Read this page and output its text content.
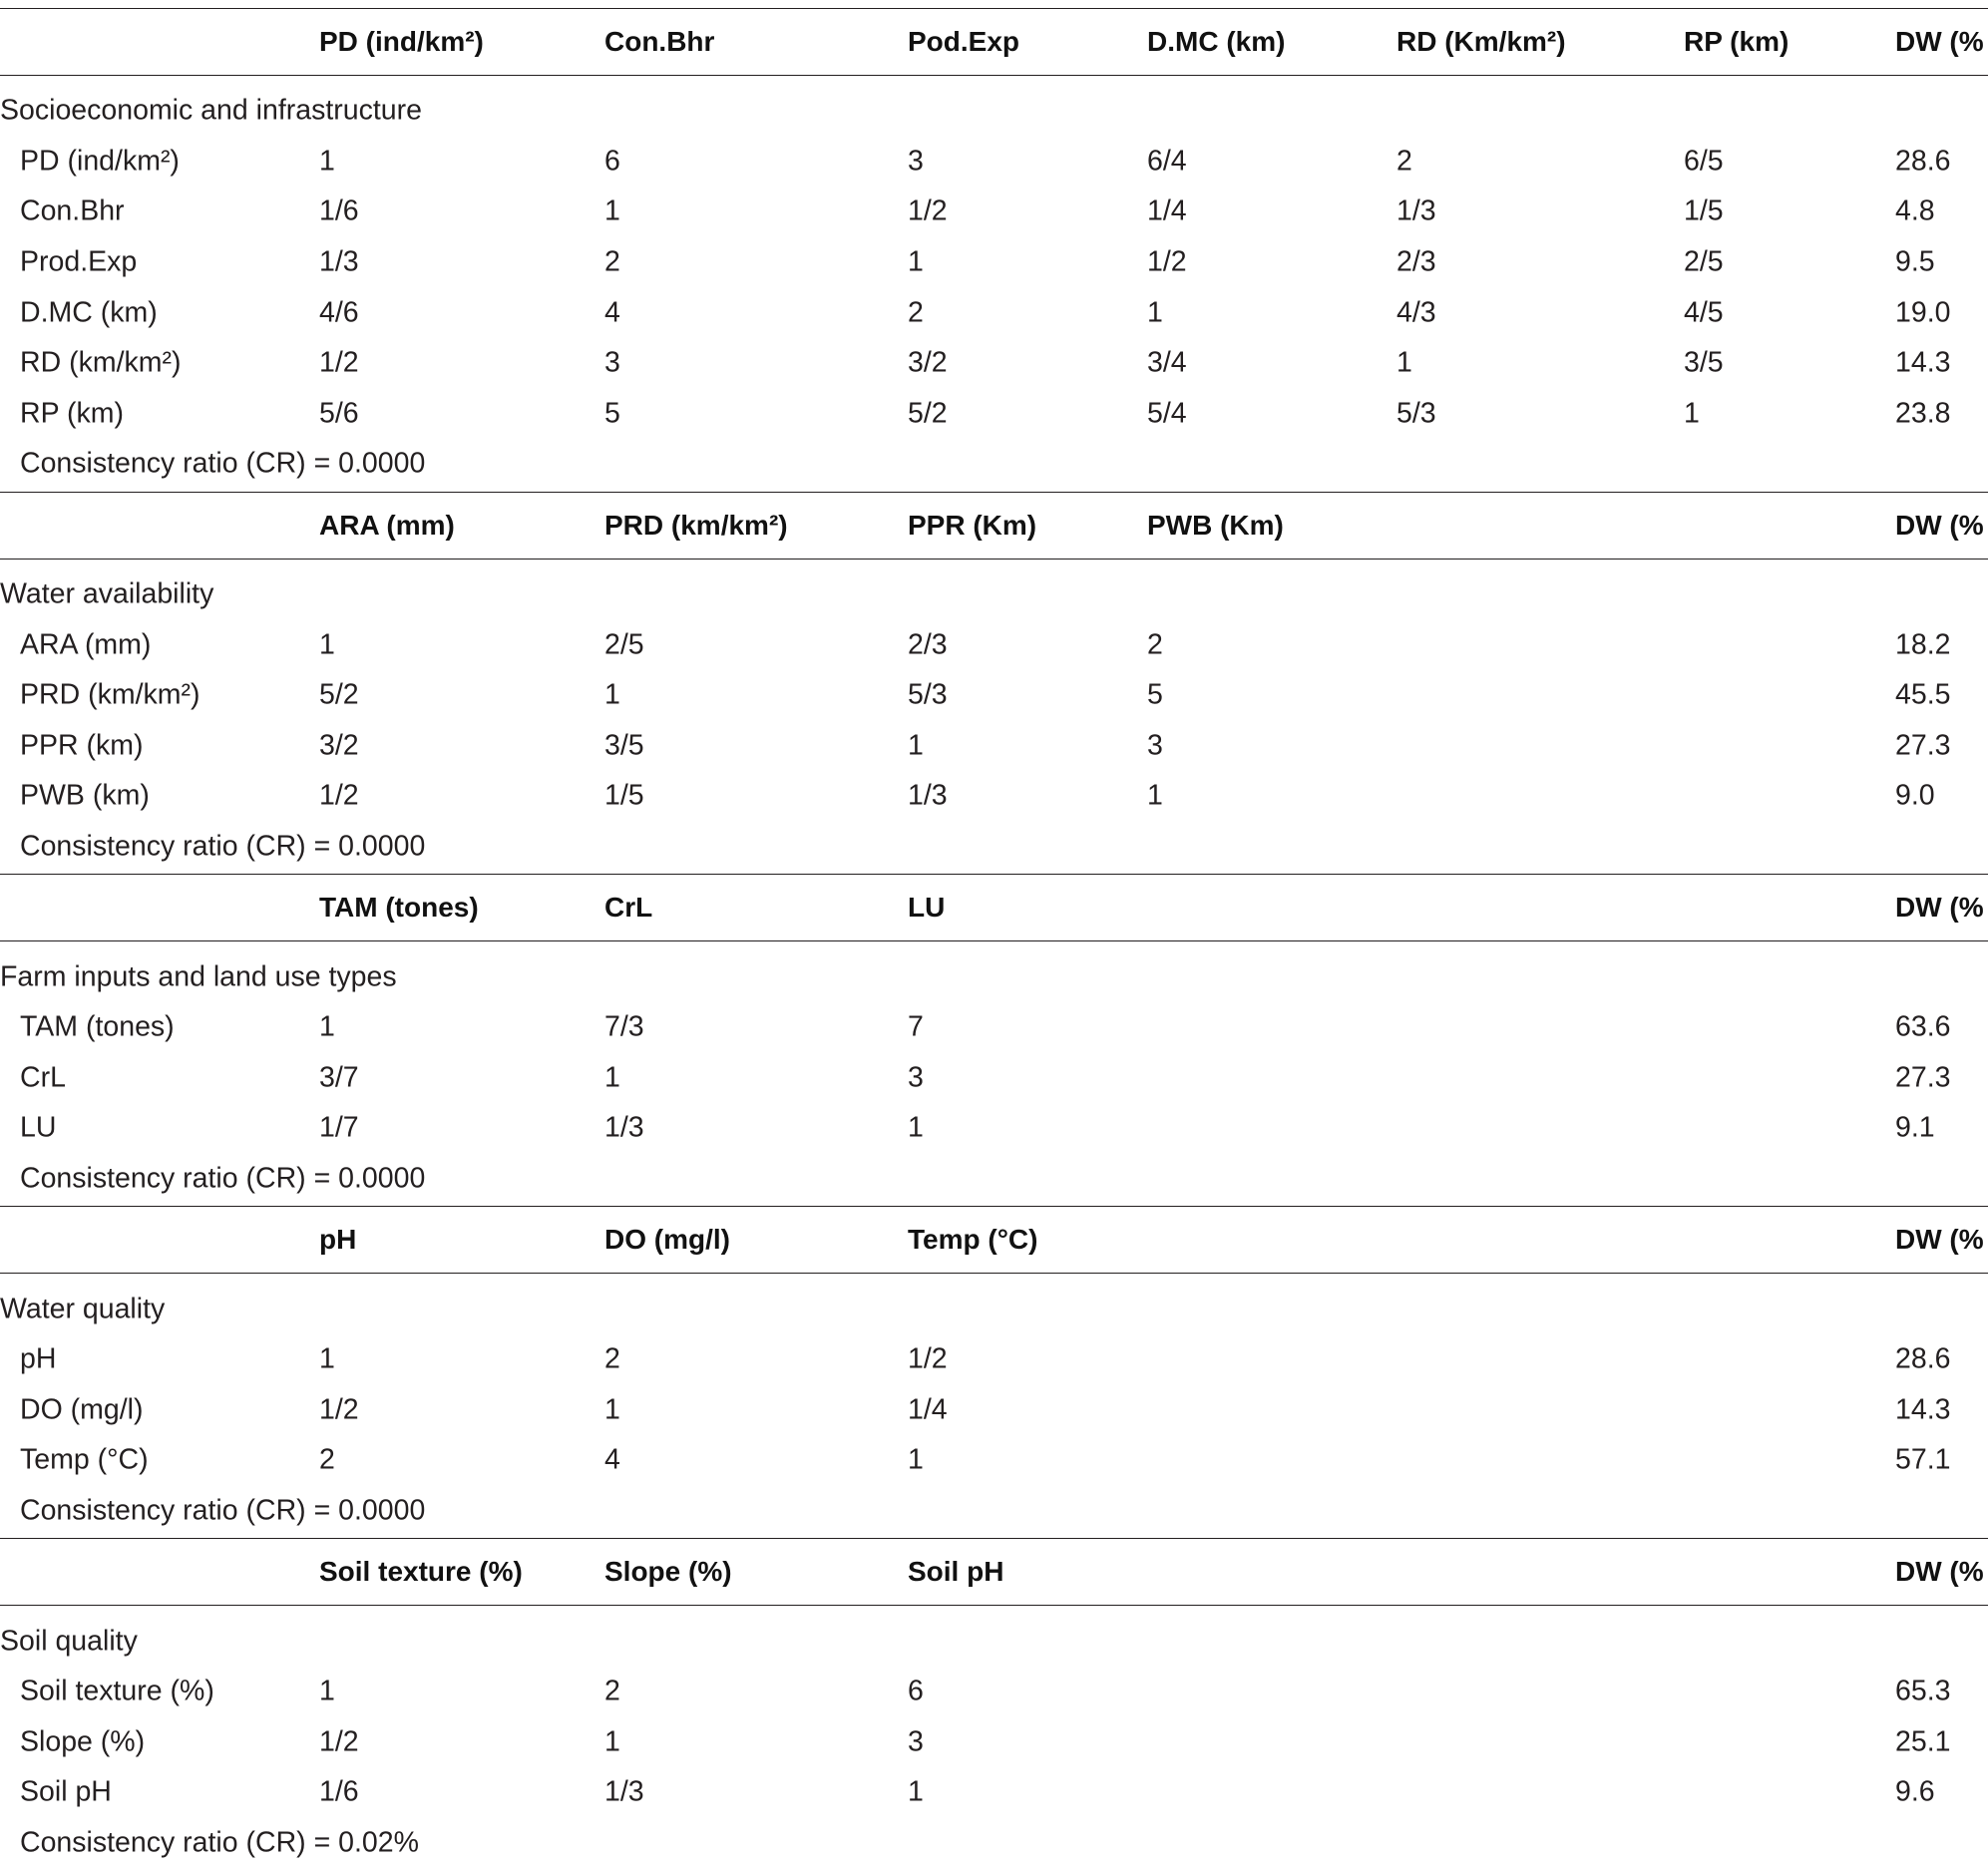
PD (ind/km²)	Con.Bhr	Pod.Exp	D.MC (km)	RD (Km/km²)	RP (km)	DW (%
Socioeconomic and infrastructure
PD (ind/km²)	1	6	3	6/4	2	6/5	28.6
Con.Bhr	1/6	1	1/2	1/4	1/3	1/5	4.8
Prod.Exp	1/3	2	1	1/2	2/3	2/5	9.5
D.MC (km)	4/6	4	2	1	4/3	4/5	19.0
RD (km/km²)	1/2	3	3/2	3/4	1	3/5	14.3
RP (km)	5/6	5	5/2	5/4	5/3	1	23.8
Consistency ratio (CR) = 0.0000
ARA (mm)	PRD (km/km²)	PPR (Km)	PWB (Km)	DW (%
Water availability
ARA (mm)	1	2/5	2/3	2	18.2
PRD (km/km²)	5/2	1	5/3	5	45.5
PPR (km)	3/2	3/5	1	3	27.3
PWB (km)	1/2	1/5	1/3	1	9.0
Consistency ratio (CR) = 0.0000
TAM (tones)	CrL	LU	DW (%
Farm inputs and land use types
TAM (tones)	1	7/3	7	63.6
CrL	3/7	1	3	27.3
LU	1/7	1/3	1	9.1
Consistency ratio (CR) = 0.0000
pH	DO (mg/l)	Temp (°C)	DW (%
Water quality
pH	1	2	1/2	28.6
DO (mg/l)	1/2	1	1/4	14.3
Temp (°C)	2	4	1	57.1
Consistency ratio (CR) = 0.0000
Soil texture (%)	Slope (%)	Soil pH	DW (%
Soil quality
Soil texture (%)	1	2	6	65.3
Slope (%)	1/2	1	3	25.1
Soil pH	1/6	1/3	1	9.6
Consistency ratio (CR) = 0.02%
